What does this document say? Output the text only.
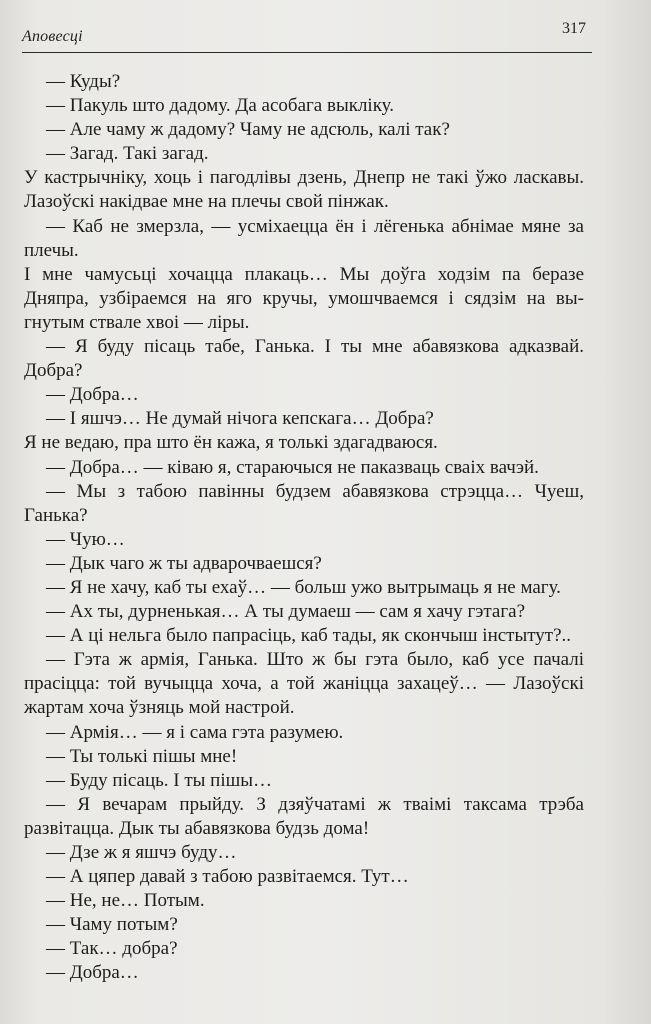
Аповесці	317

— Куды?

— Пакуль што дадому. Да асобага выкліку.

— Але чаму ж дадому? Чаму не адсюль, калі так?

— Загад. Такі загад.

У кастрычніку, хоць і пагодлівы дзень, Днепр не такі ўжо ласкавы. Лазоўскі накідвае мне на плечы свой пінжак.

— Каб не змерзла, — усміхаецца ён і лёгенька абнімае мяне за плечы.

І мне чамусьці хочацца плакаць… Мы доўга ходзім па беразе Дняпра, узбіраемся на яго кручы, умошчваемся і сядзім на выгнутым ствале хвоі — ліры.

— Я буду пісаць табе, Ганька. І ты мне абавязкова адказвай. Добра?

— Добра…

— І яшчэ… Не думай нічога кепскага… Добра?

Я не ведаю, пра што ён кажа, я толькі здагадваюся.

— Добра… — ківаю я, стараючыся не паказваць сваіх вачэй.

— Мы з табою павінны будзем абавязкова стрэцца… Чуеш, Ганька?

— Чую…

— Дык чаго ж ты адварочваешся?

— Я не хачу, каб ты ехаў… — больш ужо вытрымаць я не магу.

— Ах ты, дурненькая… А ты думаеш — сам я хачу гэтага?

— А ці нельга было папрасіць, каб тады, як скончыш інстытут?..

— Гэта ж армія, Ганька. Што ж бы гэта было, каб усе пачалі прасіцца: той вучыцца хоча, а той жаніцца захацеў… — Лазоўскі жартам хоча ўзняць мой настрой.

— Армія… — я і сама гэта разумею.

— Ты толькі пішы мне!

— Буду пісаць. І ты пішы…

— Я вечарам прыйду. З дзяўчатамі ж тваімі таксама трэба развітацца. Дык ты абавязкова будзь дома!

— Дзе ж я яшчэ буду…

— А цяпер давай з табою развітаемся. Тут…

— Не, не… Потым.

— Чаму потым?

— Так… добра?

— Добра…
